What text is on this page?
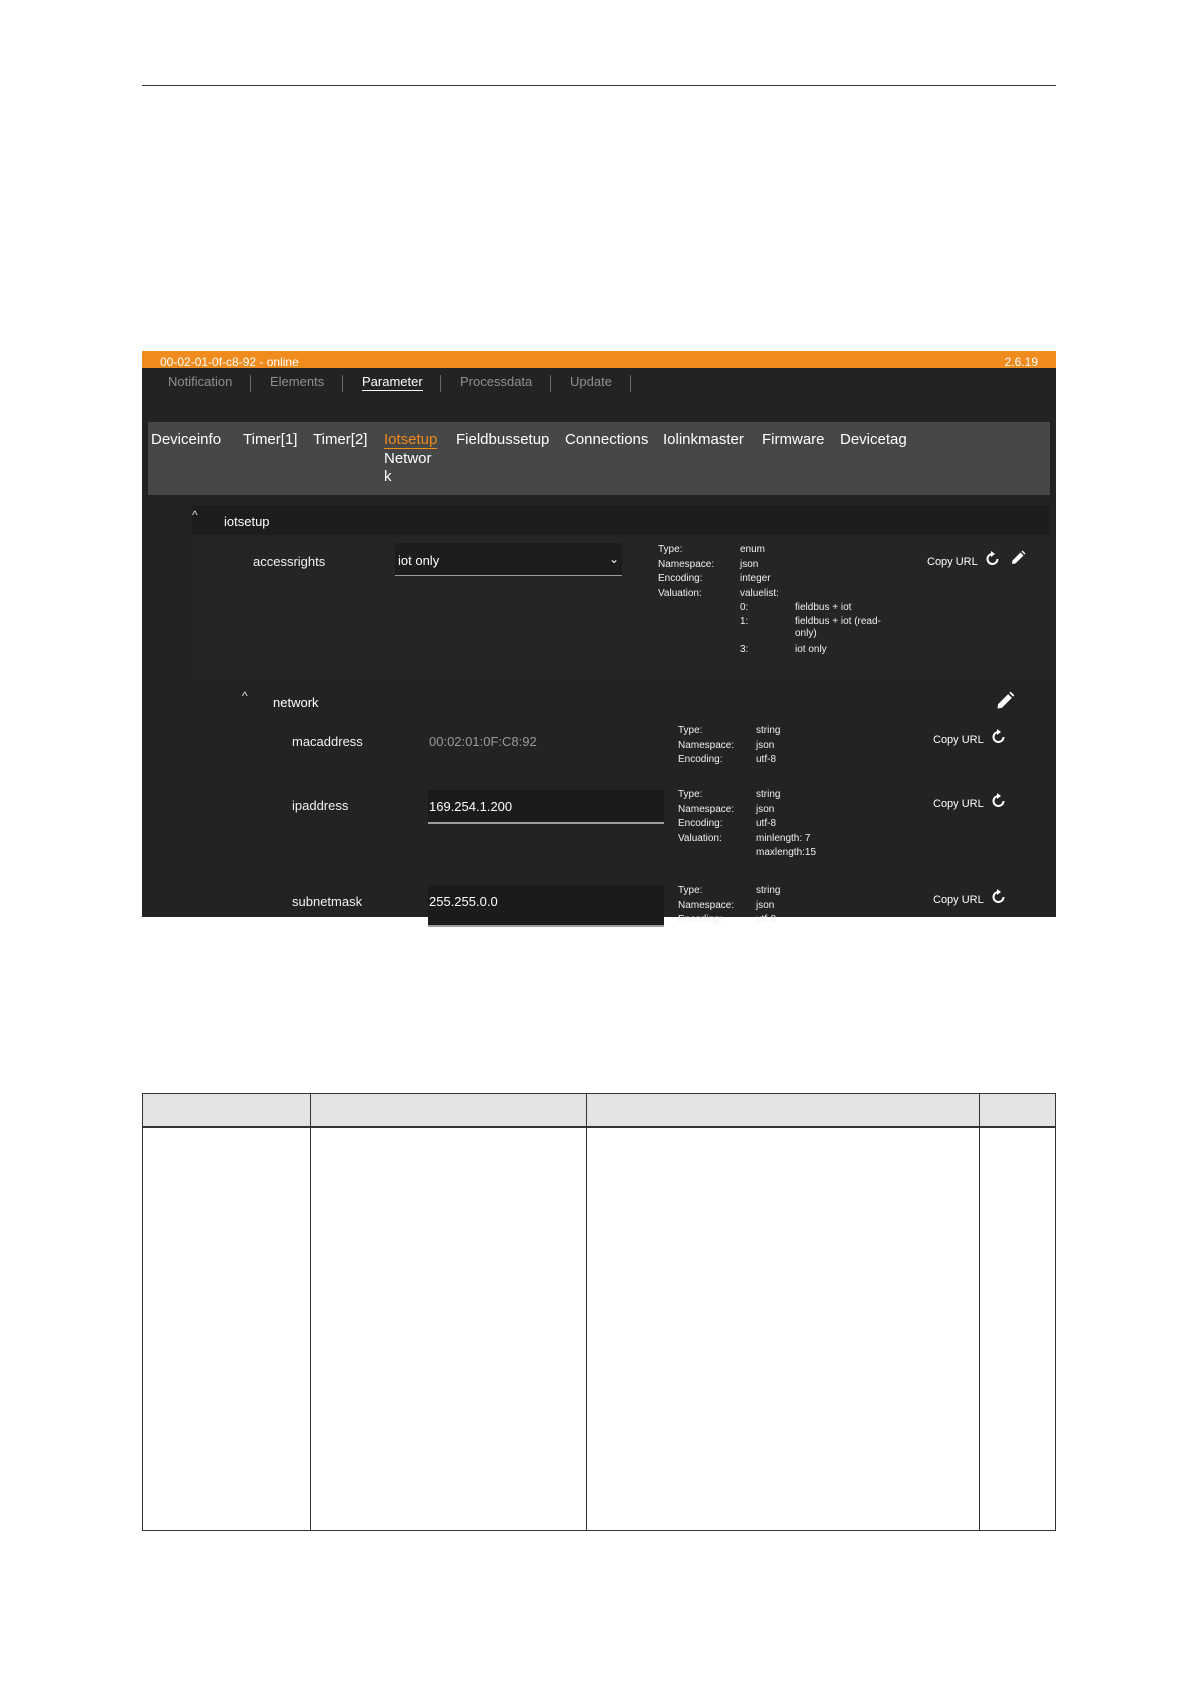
00-02-01-0f-c8-92 - online	2.6.19
Notification	Elements	Parameter	Processdata	Update
Deviceinfo Timer[1] Timer[2] Iotsetup Fieldbussetup Connections Iolinkmaster Firmware Devicetag
Networ
k
^ iotsetup
accessrights	iot only	⌄
Type:	enum
Namespace:	json
Encoding:	integer
Valuation:	valuelist:
0:	fieldbus + iot
1:	fieldbus + iot (read-
only)
3:	iot only
Copy URL
^ network
macaddress	00:02:01:0F:C8:92
Type:	string
Namespace: json
Encoding:	utf-8
Copy URL
ipaddress	169.254.1.200
Type:	string
Namespace: json
Encoding:	utf-8
Valuation:	minlength: 7
maxlength:15
Copy URL
subnetmask	255.255.0.0
Type:	string
Namespace: json
Encoding:	utf-8
Copy URL
